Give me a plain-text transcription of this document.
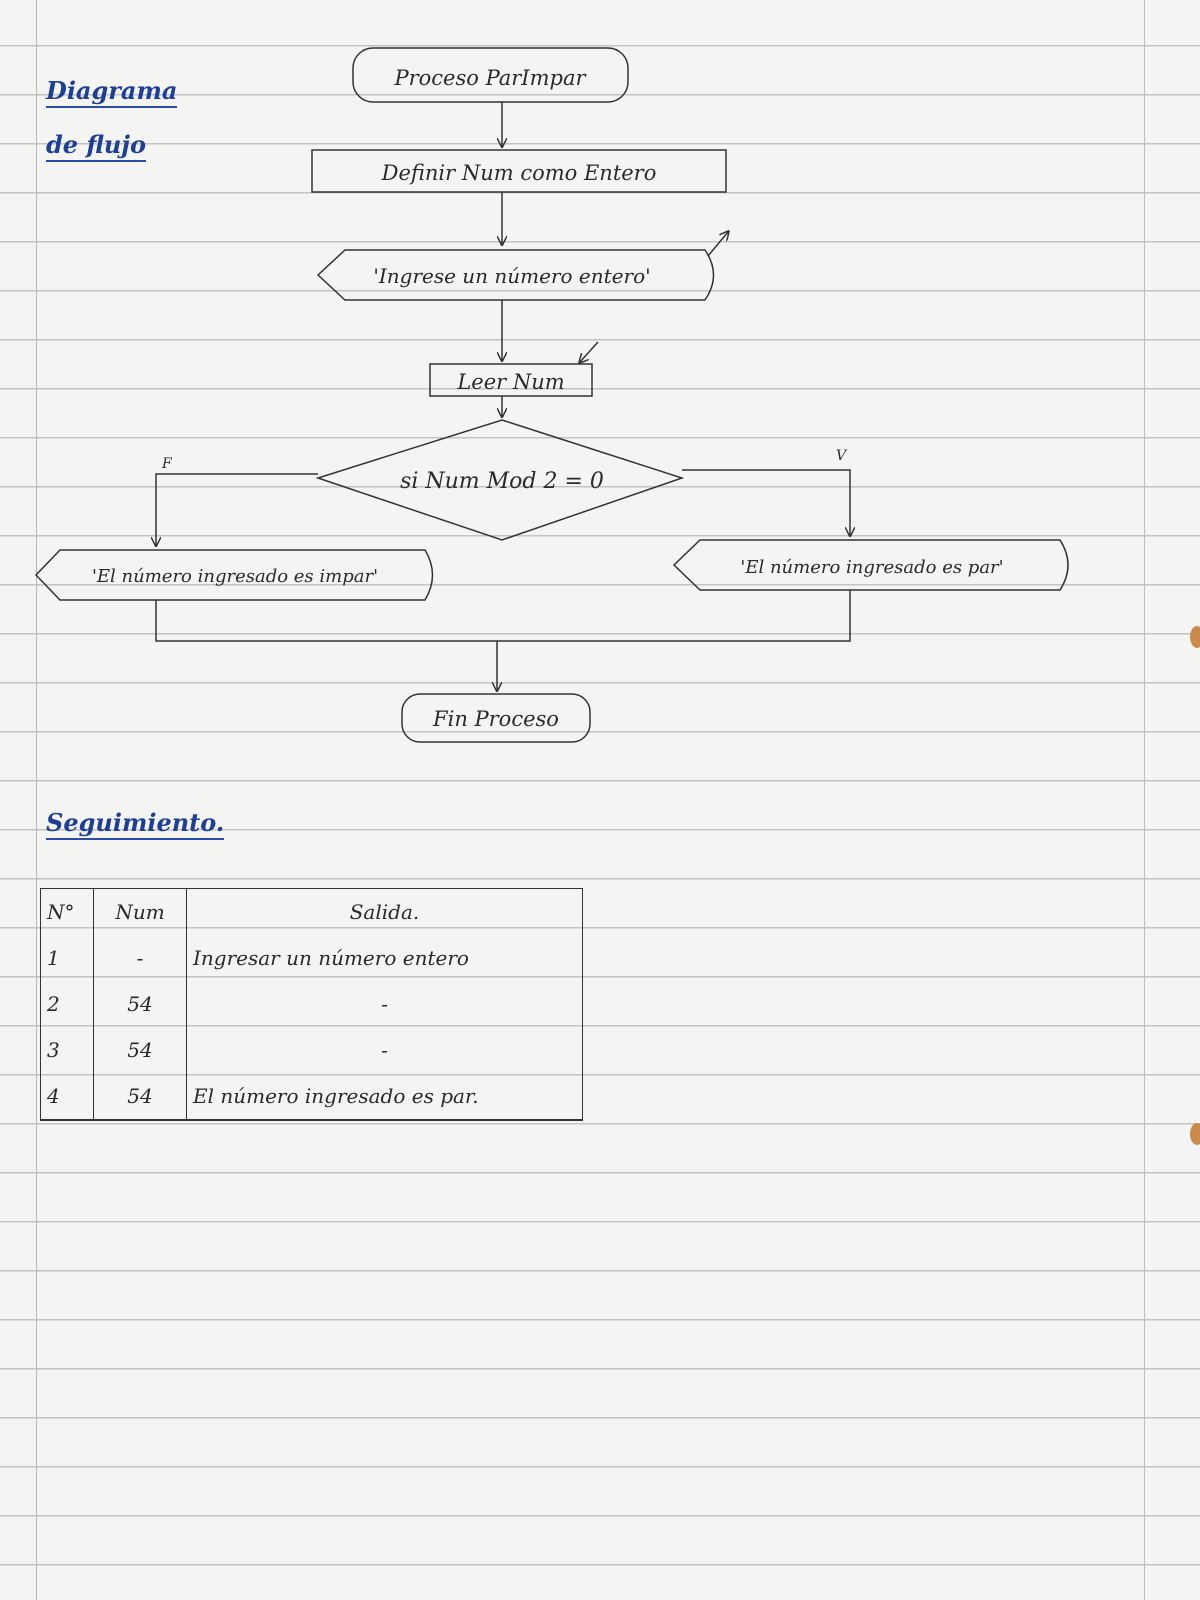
Diagrama
de flujo
Seguimiento.
Proceso ParImpar
Definir Num como Entero
'Ingrese un número entero'
Leer Num
si Num Mod 2 = 0
F	V
'El número ingresado es impar'	'El número ingresado es par'
Fin Proceso
N°	Num	Salida.
1	-	Ingresar un número entero
2	54	-
3	54	-
4	54	El número ingresado es par.
